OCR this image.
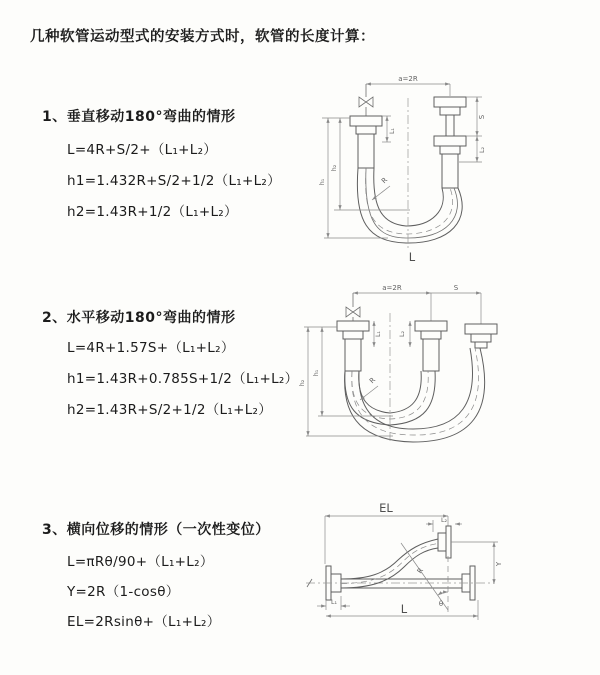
几种软管运动型式的安装方式时，软管的长度计算：
1、垂直移动180°弯曲的情形
L=4R+S/2+（L₁+L₂）
h1=1.432R+S/2+1/2（L₁+L₂）
h2=1.43R+1/2（L₁+L₂）
a=2R
L₁
S
L₂
R
h₁
h₂
L
2、水平移动180°弯曲的情形
L=4R+1.57S+（L₁+L₂）
h1=1.43R+0.785S+1/2（L₁+L₂）
h2=1.43R+S/2+1/2（L₁+L₂）
a=2R	S
L₁	L₂
R
h₂
h₁
3、横向位移的情形（一次性变位）
L=πRθ/90+（L₁+L₂）
Y=2R（1-cosθ）
EL=2Rsinθ+（L₁+L₂）
EL
L₂
Y
R
θ
L₁	L
